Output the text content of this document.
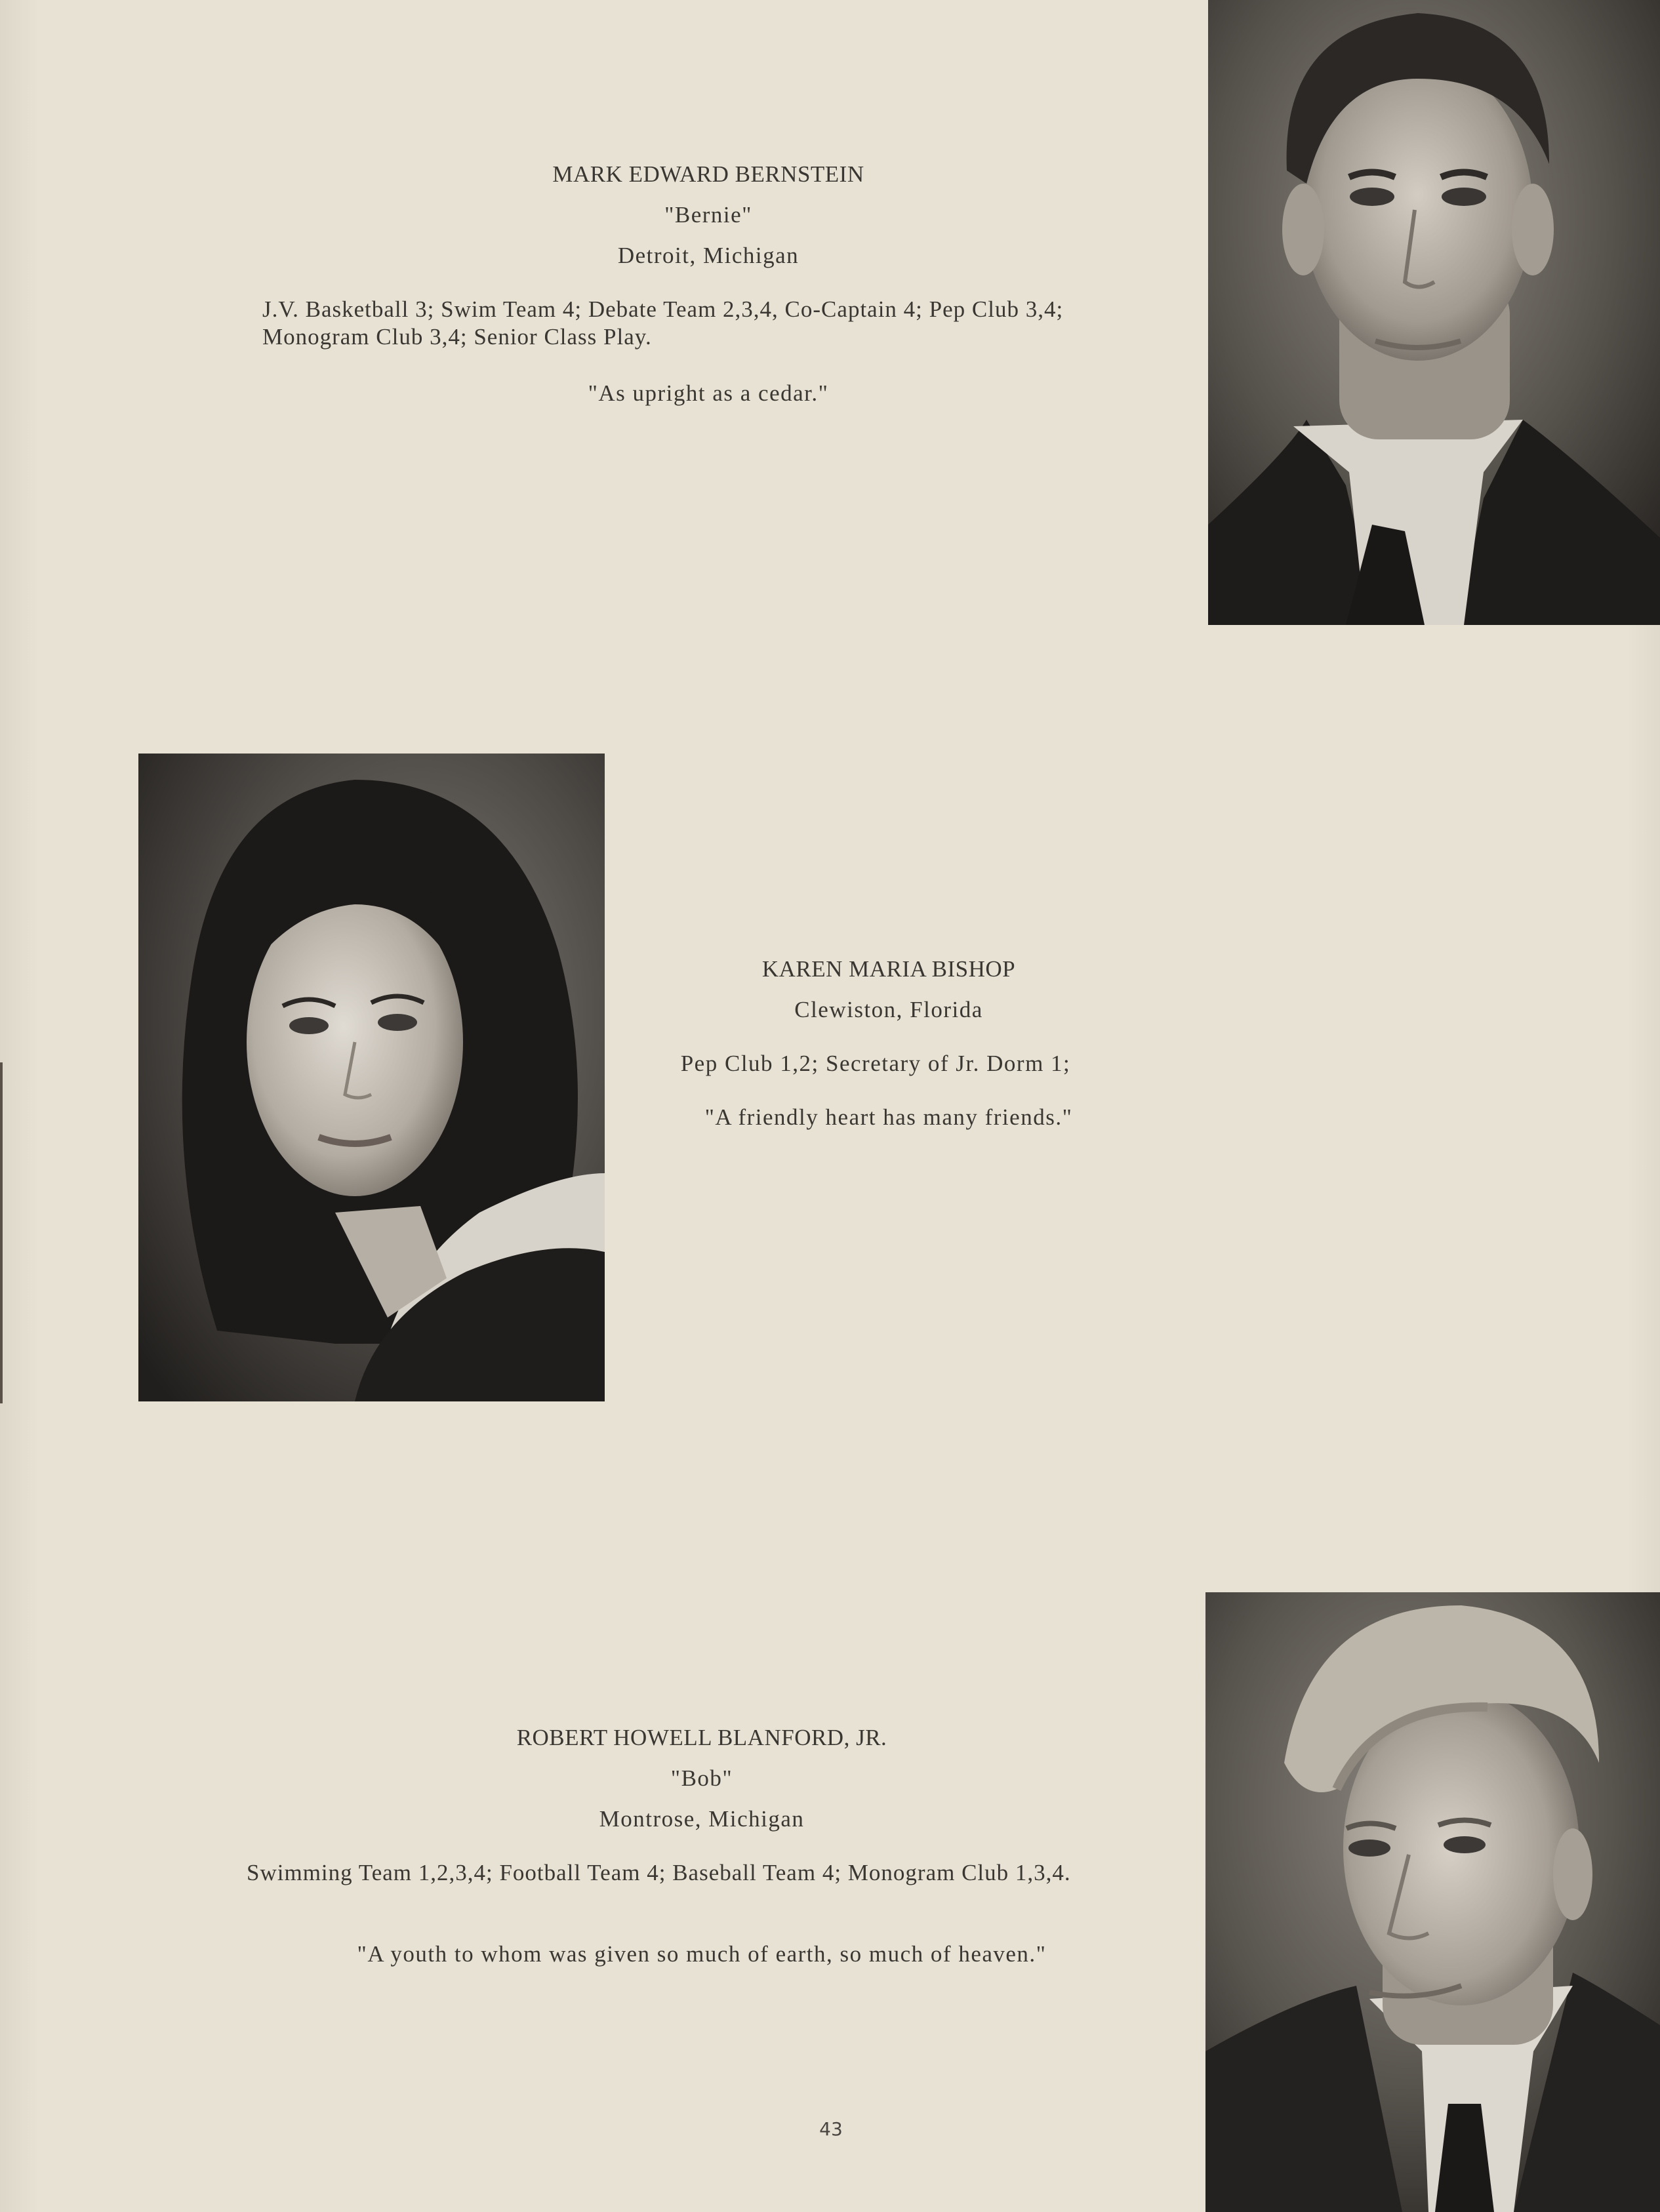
MARK EDWARD BERNSTEIN
"Bernie"
Detroit, Michigan
J.V. Basketball 3; Swim Team 4; Debate Team 2,3,4, Co-Captain 4; Pep Club 3,4; Monogram Club 3,4; Senior Class Play.
"As upright as a cedar."
KAREN MARIA BISHOP
Clewiston, Florida
Pep Club 1,2; Secretary of Jr. Dorm 1;
"A friendly heart has many friends."
ROBERT HOWELL BLANFORD, JR.
"Bob"
Montrose, Michigan
Swimming Team 1,2,3,4; Football Team 4; Baseball Team 4; Monogram Club 1,3,4.
"A youth to whom was given so much of earth, so much of heaven."
43
